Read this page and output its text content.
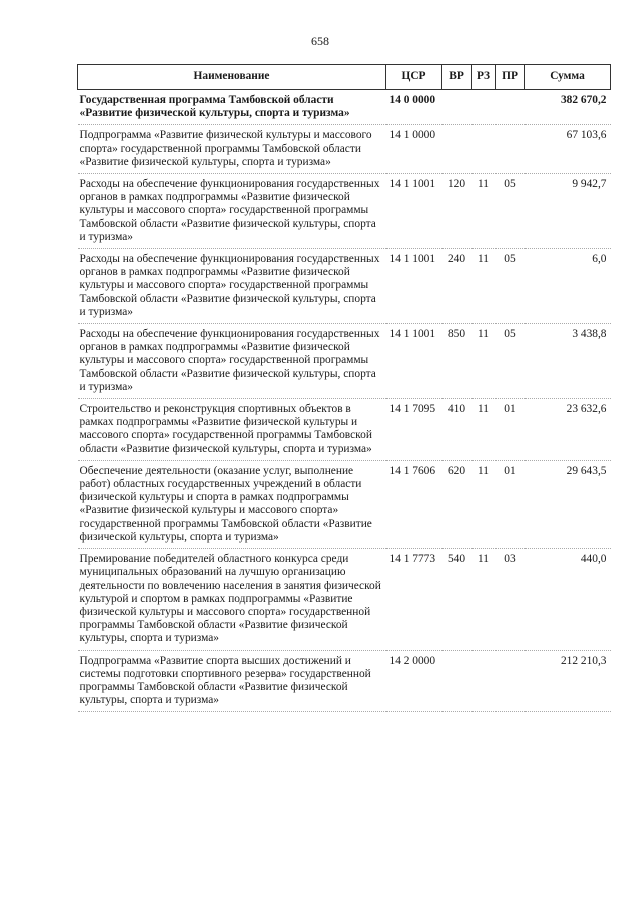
658
Наименование	ЦСР	ВР	РЗ	ПР	Сумма
Государственная программа Тамбовской области «Развитие физической культуры, спорта и туризма»	14 0 0000				382 670,2
Подпрограмма «Развитие физической культуры и массового спорта» государственной программы Тамбовской области «Развитие физической культуры, спорта и туризма»	14 1 0000				67 103,6
Расходы на обеспечение функционирования государственных органов в рамках подпрограммы «Развитие физической культуры и массового спорта» государственной программы Тамбовской области «Развитие физической культуры, спорта и туризма»	14 1 1001	120	11	05	9 942,7
Расходы на обеспечение функционирования государственных органов в рамках подпрограммы «Развитие физической культуры и массового спорта» государственной программы Тамбовской области «Развитие физической культуры, спорта и туризма»	14 1 1001	240	11	05	6,0
Расходы на обеспечение функционирования государственных органов в рамках подпрограммы «Развитие физической культуры и массового спорта» государственной программы Тамбовской области «Развитие физической культуры, спорта и туризма»	14 1 1001	850	11	05	3 438,8
Строительство и реконструкция спортивных объектов в рамках подпрограммы «Развитие физической культуры и массового спорта» государственной программы Тамбовской области «Развитие физической культуры, спорта и туризма»	14 1 7095	410	11	01	23 632,6
Обеспечение деятельности (оказание услуг, выполнение работ) областных государственных учреждений в области физической культуры и спорта в рамках подпрограммы «Развитие физической культуры и массового спорта» государственной программы Тамбовской области «Развитие физической культуры, спорта и туризма»	14 1 7606	620	11	01	29 643,5
Премирование победителей областного конкурса среди муниципальных образований на лучшую организацию деятельности по вовлечению населения в занятия физической культурой и спортом в рамках подпрограммы «Развитие физической культуры и массового спорта» государственной программы Тамбовской области «Развитие физической культуры, спорта и туризма»	14 1 7773	540	11	03	440,0
Подпрограмма «Развитие спорта высших достижений и системы подготовки спортивного резерва» государственной программы Тамбовской области «Развитие физической культуры, спорта и туризма»	14 2 0000				212 210,3
